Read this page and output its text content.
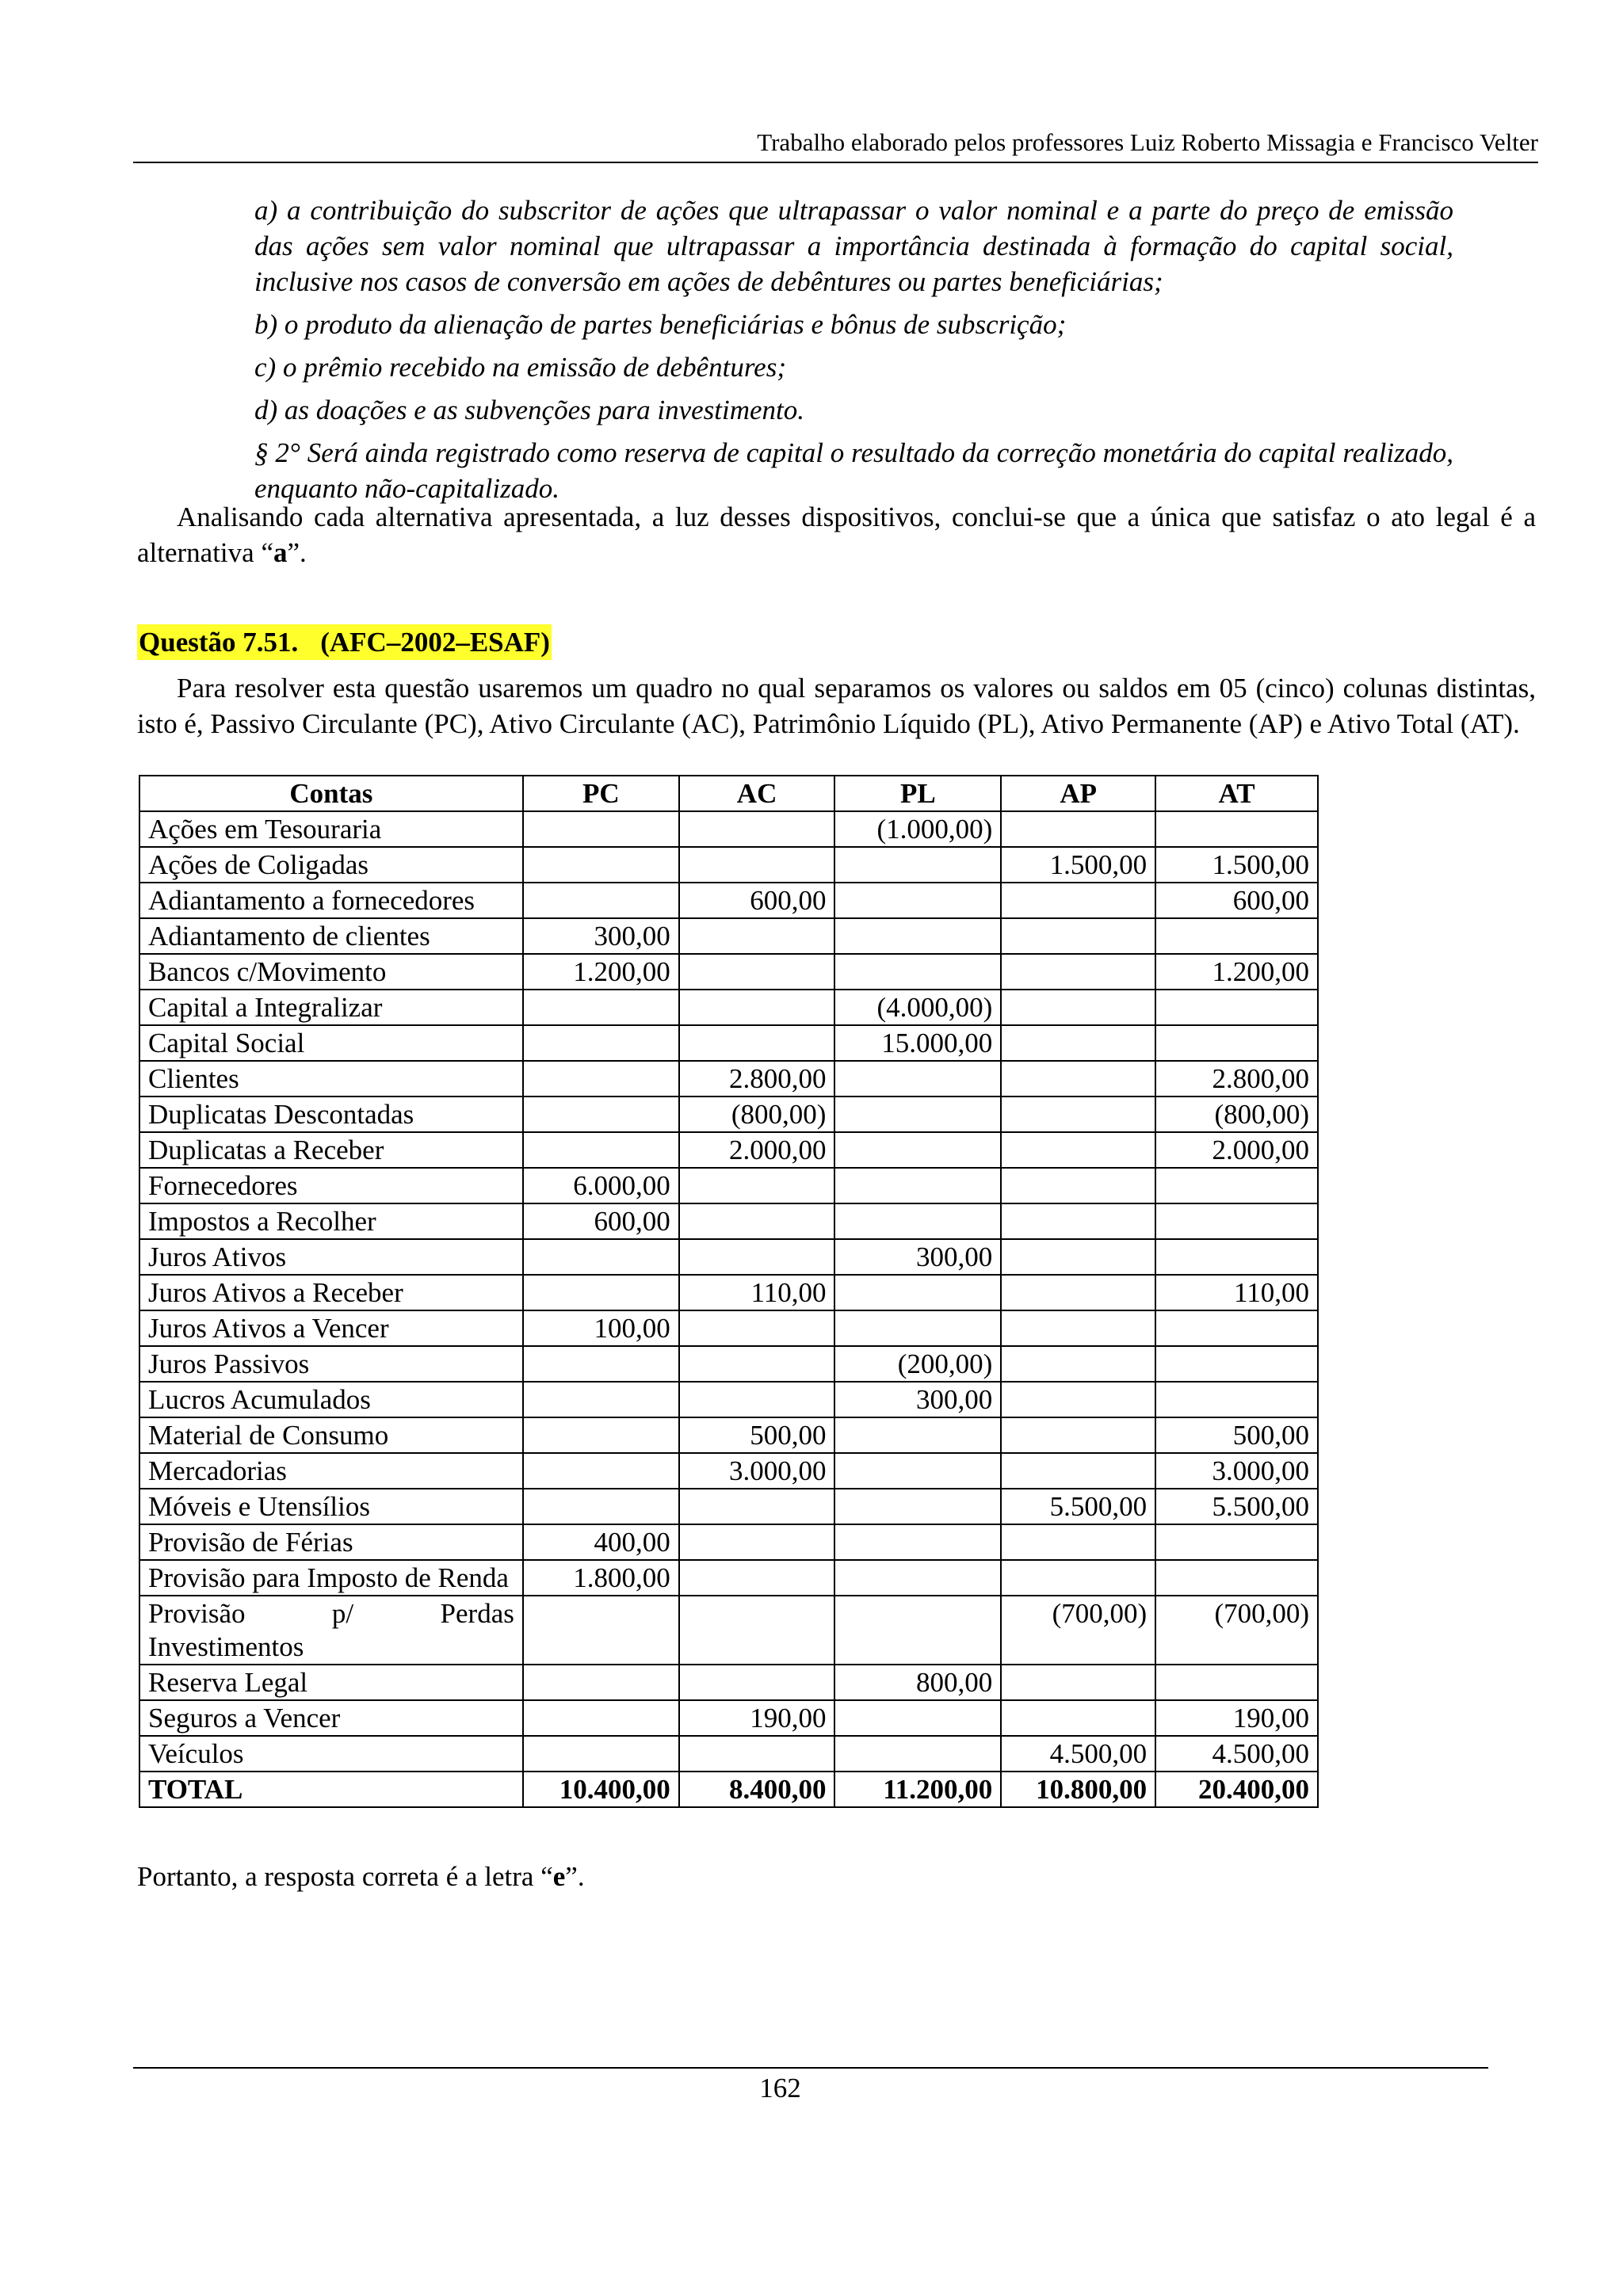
Trabalho elaborado pelos professores Luiz Roberto Missagia e Francisco Velter

a) a contribuição do subscritor de ações que ultrapassar o valor nominal e a parte do preço de emissão das ações sem valor nominal que ultrapassar a importância destinada à formação do capital social, inclusive nos casos de conversão em ações de debêntures ou partes beneficiárias;

b) o produto da alienação de partes beneficiárias e bônus de subscrição;

c) o prêmio recebido na emissão de debêntures;

d) as doações e as subvenções para investimento.

§ 2° Será ainda registrado como reserva de capital o resultado da correção monetária do capital realizado, enquanto não-capitalizado.

Analisando cada alternativa apresentada, a luz desses dispositivos, conclui-se que a única que satisfaz o ato legal é a alternativa “a”.

Questão 7.51. (AFC–2002–ESAF)

Para resolver esta questão usaremos um quadro no qual separamos os valores ou saldos em 05 (cinco) colunas distintas, isto é, Passivo Circulante (PC), Ativo Circulante (AC), Patrimônio Líquido (PL), Ativo Permanente (AP) e Ativo Total (AT).

Contas	PC	AC	PL	AP	AT
Ações em Tesouraria			(1.000,00)		
Ações de Coligadas				1.500,00	1.500,00
Adiantamento a fornecedores		600,00			600,00
Adiantamento de clientes	300,00				
Bancos c/Movimento	1.200,00				1.200,00
Capital a Integralizar			(4.000,00)		
Capital Social			15.000,00		
Clientes		2.800,00			2.800,00
Duplicatas Descontadas		(800,00)			(800,00)
Duplicatas a Receber		2.000,00			2.000,00
Fornecedores	6.000,00				
Impostos a Recolher	600,00				
Juros Ativos			300,00		
Juros Ativos a Receber		110,00			110,00
Juros Ativos a Vencer	100,00				
Juros Passivos			(200,00)		
Lucros Acumulados			300,00		
Material de Consumo		500,00			500,00
Mercadorias		3.000,00			3.000,00
Móveis e Utensílios				5.500,00	5.500,00
Provisão de Férias	400,00				
Provisão para Imposto de Renda	1.800,00				
Provisão p/ Perdas Investimentos				(700,00)	(700,00)
Reserva Legal			800,00		
Seguros a Vencer		190,00			190,00
Veículos				4.500,00	4.500,00
TOTAL	10.400,00	8.400,00	11.200,00	10.800,00	20.400,00

Portanto, a resposta correta é a letra “e”.

162
